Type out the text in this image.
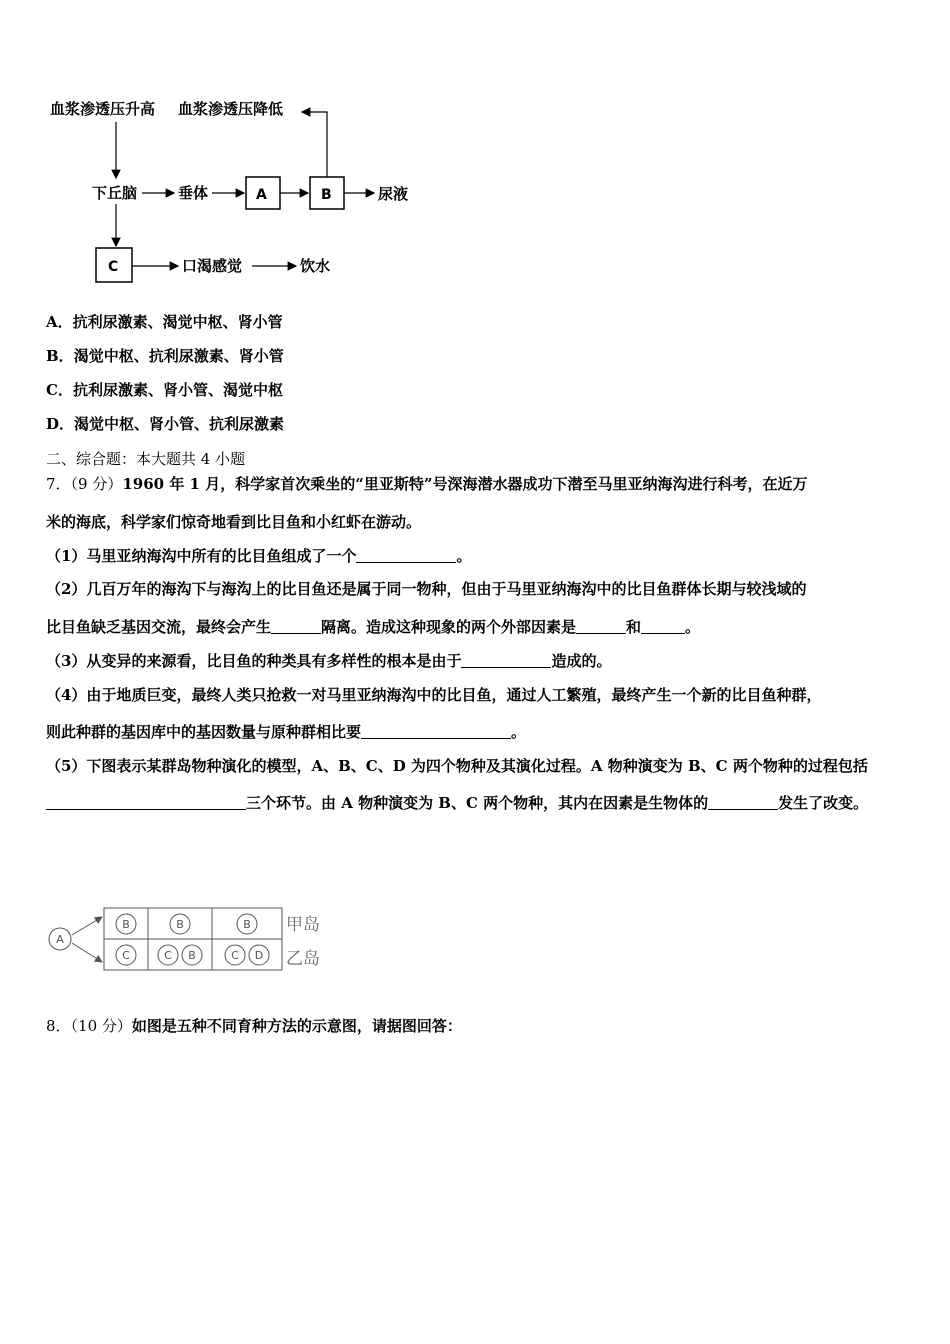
血浆渗透压升高 血浆渗透压降低
下丘脑	垂体	A	B	尿液
C	口渴感觉	饮水
A．抗利尿激素、渴觉中枢、肾小管
B．渴觉中枢、抗利尿激素、肾小管
C．抗利尿激素、肾小管、渴觉中枢
D．渴觉中枢、肾小管、抗利尿激素
二、综合题：本大题共 4 小题
7．（9 分）1960 年 1 月，科学家首次乘坐的“里亚斯特”号深海潜水器成功下潜至马里亚纳海沟进行科考，在近万
米的海底，科学家们惊奇地看到比目鱼和小红虾在游动。
（1）马里亚纳海沟中所有的比目鱼组成了一个	。
（2）几百万年的海沟下与海沟上的比目鱼还是属于同一物种，但由于马里亚纳海沟中的比目鱼群体长期与较浅域的
比目鱼缺乏基因交流，最终会产生	隔离。造成这种现象的两个外部因素是	和	。
（3）从变异的来源看，比目鱼的种类具有多样性的根本是由于	造成的。
（4）由于地质巨变，最终人类只抢救一对马里亚纳海沟中的比目鱼，通过人工繁殖，最终产生一个新的比目鱼种群，
则此种群的基因库中的基因数量与原种群相比要	。
（5）下图表示某群岛物种演化的模型，A、B、C、D 为四个物种及其演化过程。A 物种演变为 B、C 两个物种的过程包括
三个环节。由 A 物种演变为 B、C 两个物种，其内在因素是生物体的	发生了改变。
A
B	B	B
C	C B	C D
甲岛
乙岛
8．（10 分）如图是五种不同育种方法的示意图，请据图回答：
